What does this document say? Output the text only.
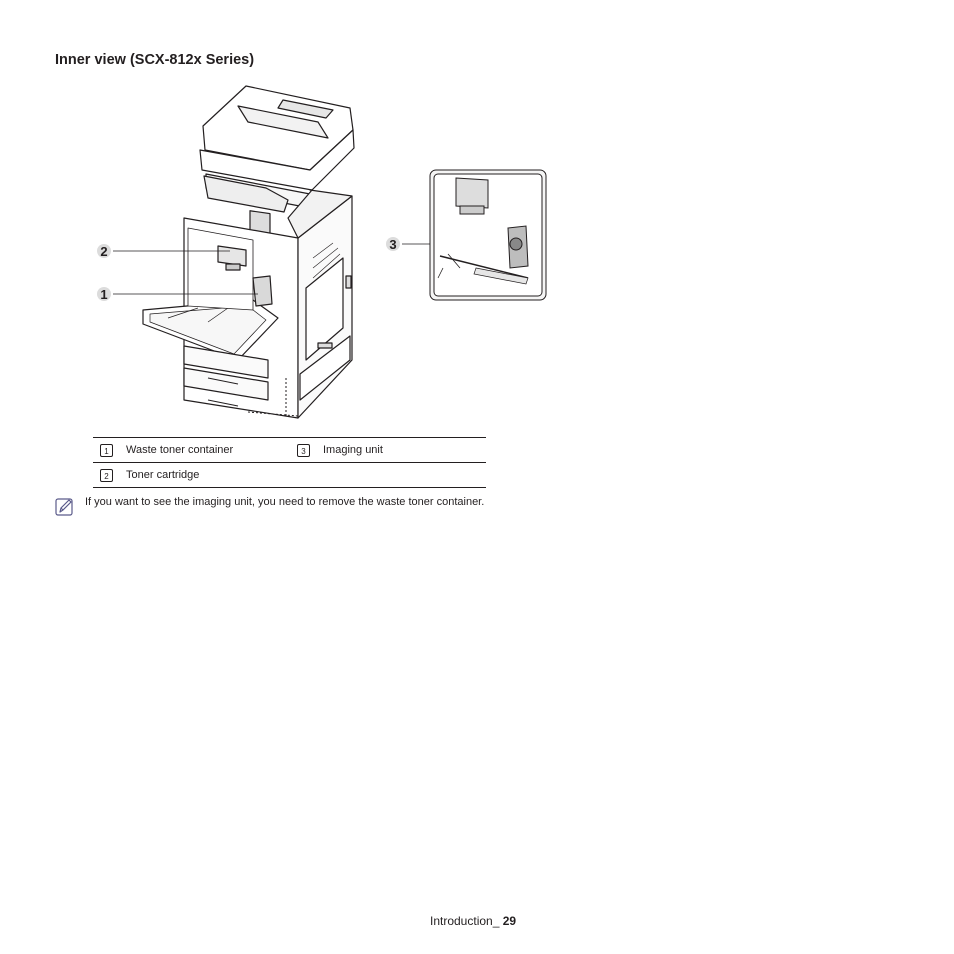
Inner view (SCX-812x Series)
2
1
3
1 Waste toner container	3 Imaging unit

2 Toner cartridge	

If you want to see the imaging unit, you need to remove the waste toner container.
Introduction_ 29
